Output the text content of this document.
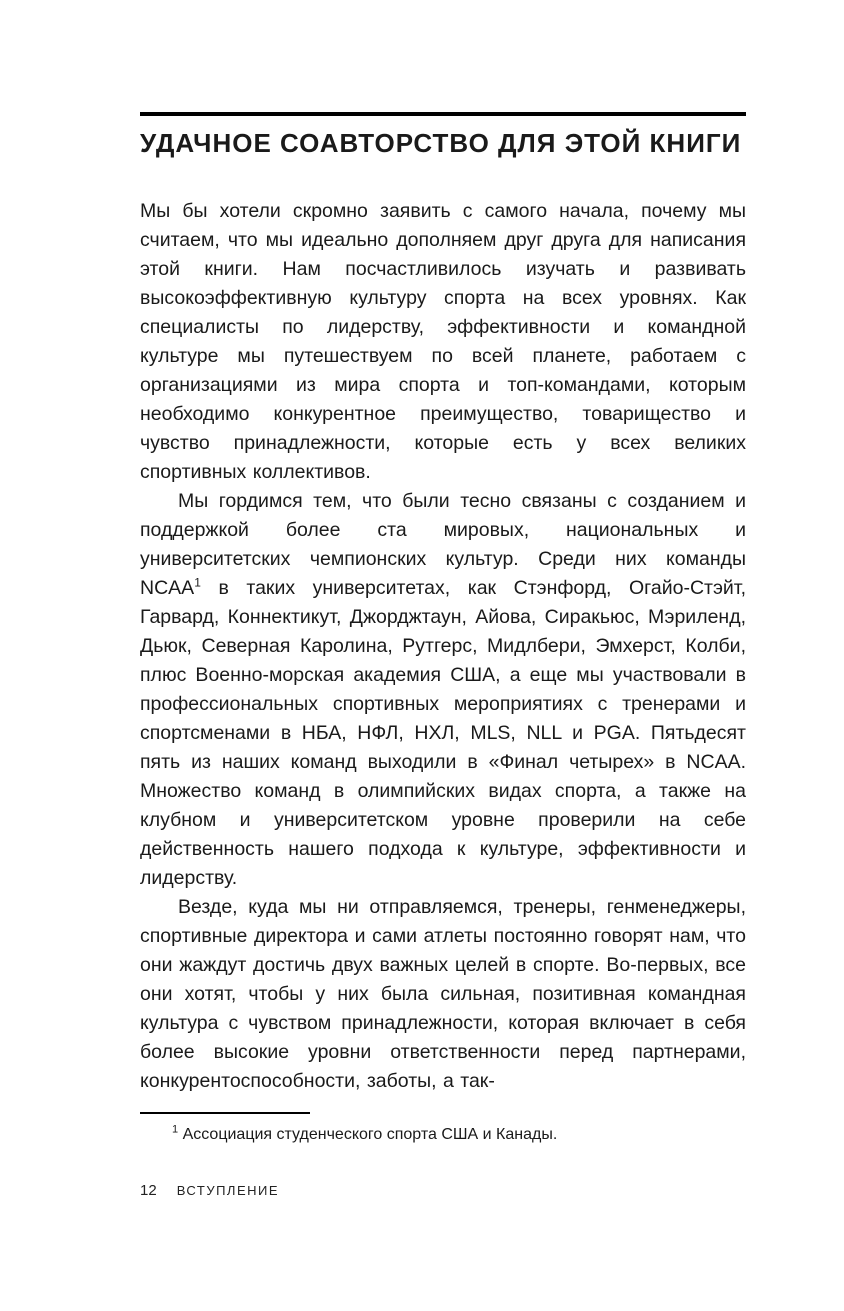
УДАЧНОЕ СОАВТОРСТВО ДЛЯ ЭТОЙ КНИГИ

Мы бы хотели скромно заявить с самого начала, почему мы считаем, что мы идеально дополняем друг друга для написания этой книги. Нам посчастливилось изучать и развивать высокоэффективную культуру спорта на всех уровнях. Как специалисты по лидерству, эффективности и командной культуре мы путешествуем по всей планете, работаем с организациями из мира спорта и топ-командами, которым необходимо конкурентное преимущество, товарищество и чувство принадлежности, которые есть у всех великих спортивных коллективов.

Мы гордимся тем, что были тесно связаны с созданием и поддержкой более ста мировых, национальных и университетских чемпионских культур. Среди них команды NCAA$^1$ в таких университетах, как Стэнфорд, Огайо-Стэйт, Гарвард, Коннектикут, Джорджтаун, Айова, Сиракьюс, Мэриленд, Дьюк, Северная Каролина, Рутгерс, Мидлбери, Эмхерст, Колби, плюс Военно-морская академия США, а еще мы участвовали в профессиональных спортивных мероприятиях с тренерами и спортсменами в НБА, НФЛ, НХЛ, MLS, NLL и PGA. Пятьдесят пять из наших команд выходили в «Финал четырех» в NCAA. Множество команд в олимпийских видах спорта, а также на клубном и университетском уровне проверили на себе действенность нашего подхода к культуре, эффективности и лидерству.

Везде, куда мы ни отправляемся, тренеры, генменеджеры, спортивные директора и сами атлеты постоянно говорят нам, что они жаждут достичь двух важных целей в спорте. Во-первых, все они хотят, чтобы у них была сильная, позитивная командная культура с чувством принадлежности, которая включает в себя более высокие уровни ответственности перед партнерами, конкурентоспособности, заботы, а так-

$^1$ Ассоциация студенческого спорта США и Канады.

12 ВСТУПЛЕНИЕ
